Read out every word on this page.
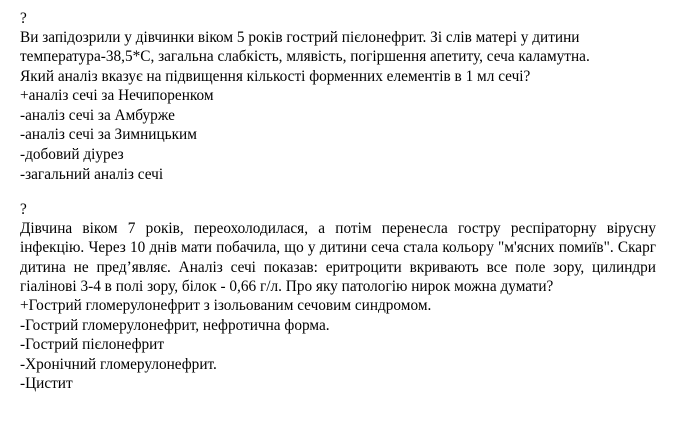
?
Ви запідозрили у дівчинки віком 5 років гострий пієлонефрит. Зі слів матері у дитини
температура-38,5*С, загальна слабкість, млявість, погіршення апетиту, сеча каламутна.
Який аналіз вказує на підвищення кількості форменних елементів в 1 мл сечі?
+аналіз сечі за Нечипоренком
-аналіз сечі за Амбурже
-аналіз сечі за Зимницьким
-добовий діурез
-загальний аналіз сечі
?

Дівчина віком 7 років, переохолодилася, а потім перенесла гостру респіраторну вірусну інфекцію. Через 10 днів мати побачила, що у дитини сеча стала кольору "м'ясних помиїв". Скарг дитина не пред’являє. Аналіз сечі показав: еритроцити вкривають все поле зору, цилиндри гіалінові 3-4 в полі зору, білок - 0,66 г/л. Про яку патологію нирок можна думати?

+Гострий гломерулонефрит з ізольованим сечовим синдромом.
-Гострий гломерулонефрит, нефротична форма.
-Гострий пієлонефрит
-Хронічний гломерулонефрит.
-Цистит
